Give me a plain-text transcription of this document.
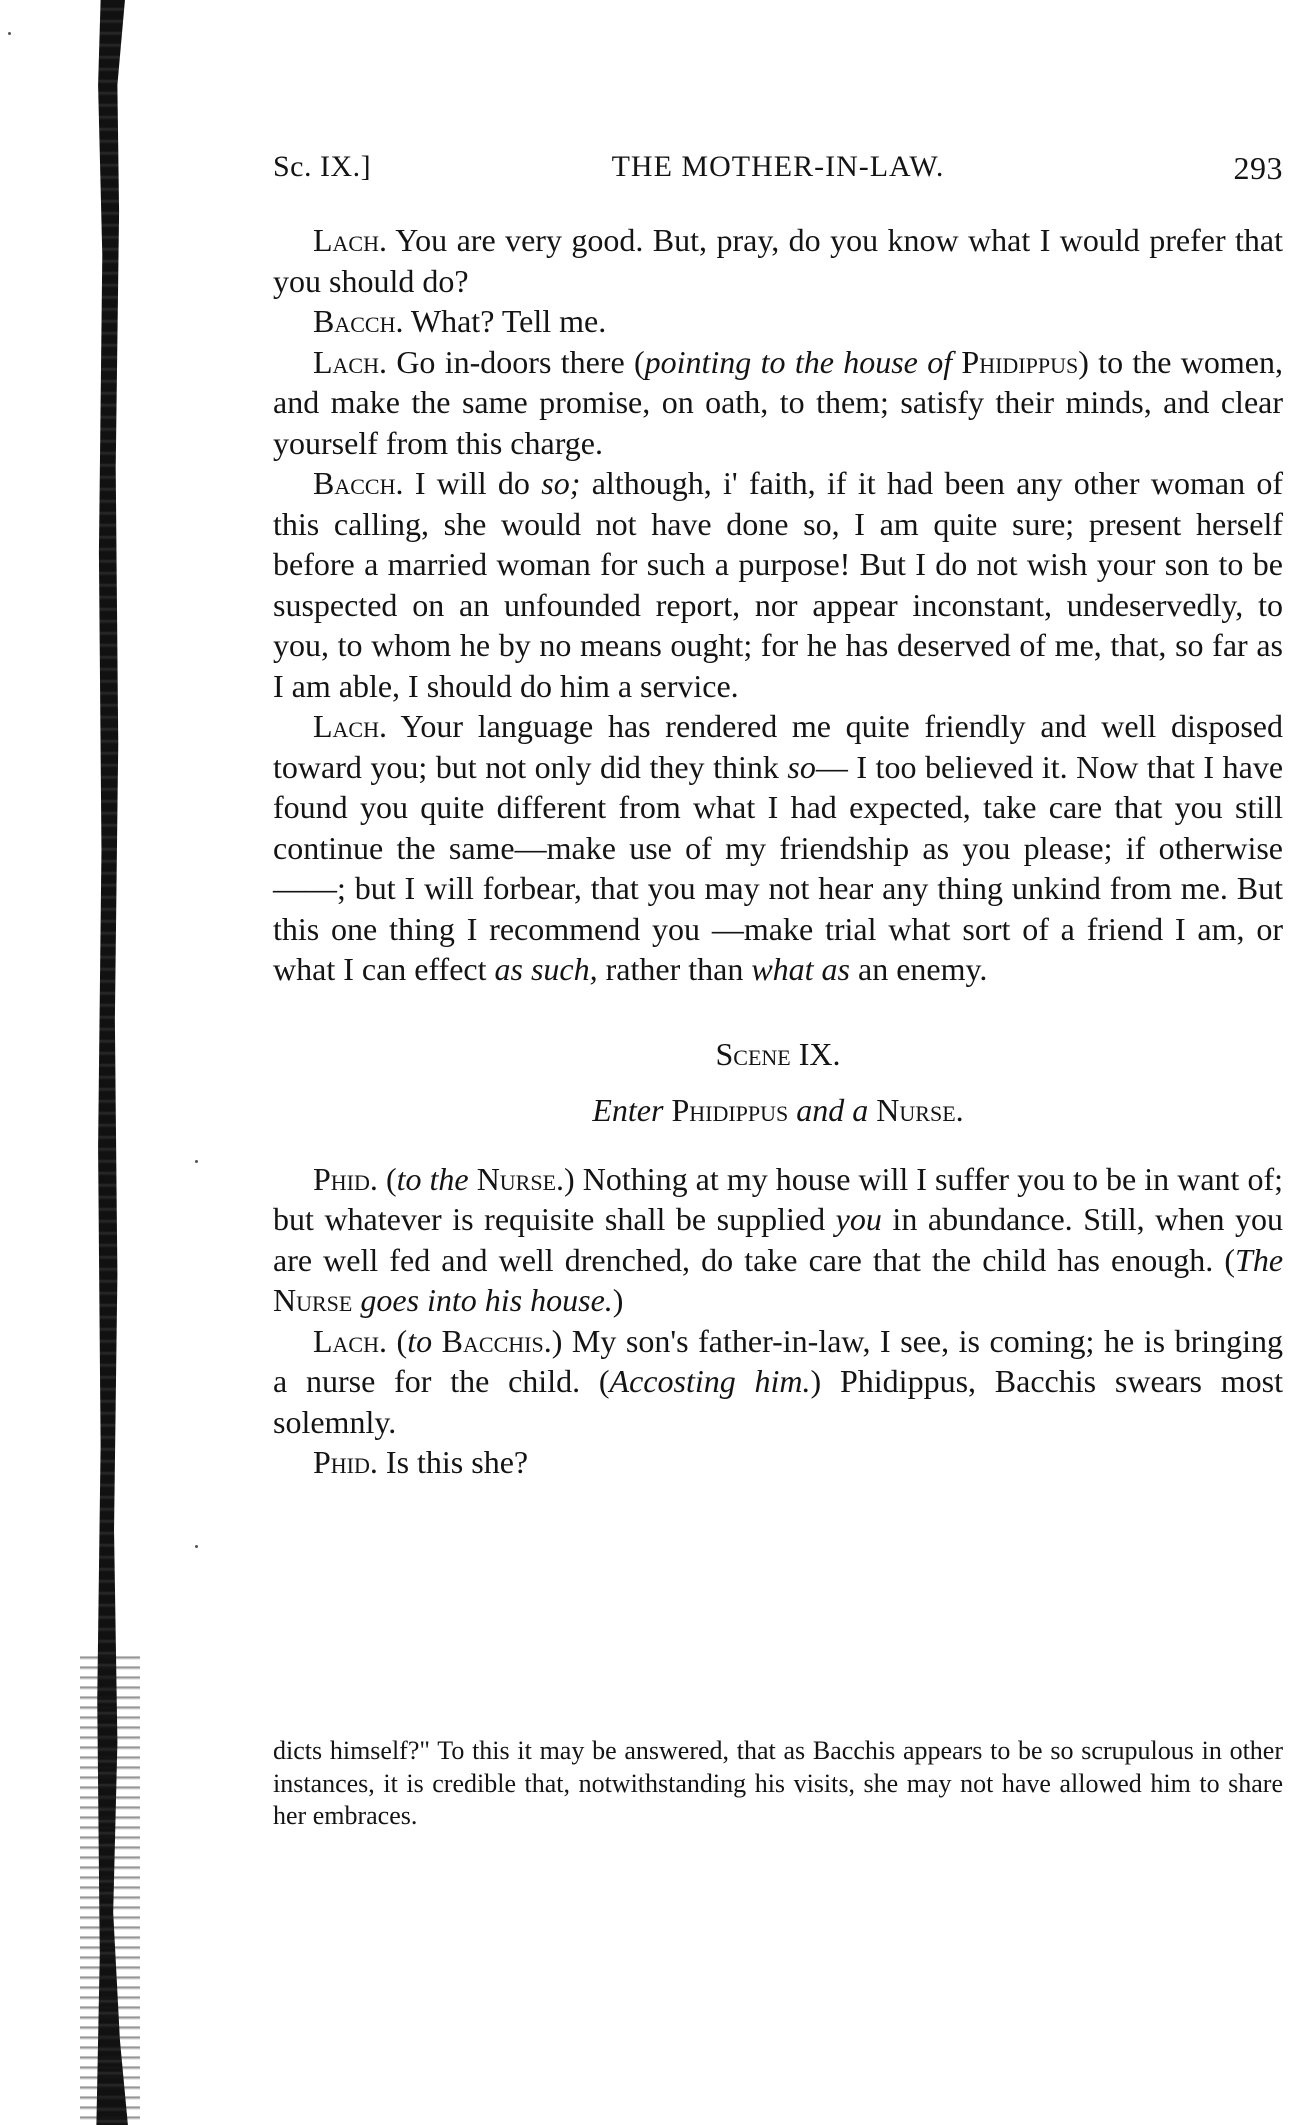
Sc. IX.]	THE MOTHER-IN-LAW.	293

Lach. You are very good. But, pray, do you know what I would prefer that you should do?

Bacch. What? Tell me.

Lach. Go in-doors there (pointing to the house of Phidippus) to the women, and make the same promise, on oath, to them; satisfy their minds, and clear yourself from this charge.

Bacch. I will do so; although, i' faith, if it had been any other woman of this calling, she would not have done so, I am quite sure; present herself before a married woman for such a purpose! But I do not wish your son to be suspected on an unfounded report, nor appear inconstant, undeservedly, to you, to whom he by no means ought; for he has deserved of me, that, so far as I am able, I should do him a service.

Lach. Your language has rendered me quite friendly and well disposed toward you; but not only did they think so— I too believed it. Now that I have found you quite different from what I had expected, take care that you still continue the same—make use of my friendship as you please; if otherwise——; but I will forbear, that you may not hear any thing unkind from me. But this one thing I recommend you —make trial what sort of a friend I am, or what I can effect as such, rather than what as an enemy.

Scene IX.

Enter Phidippus and a Nurse.

Phid. (to the Nurse.) Nothing at my house will I suffer you to be in want of; but whatever is requisite shall be supplied you in abundance. Still, when you are well fed and well drenched, do take care that the child has enough. (The Nurse goes into his house.)

Lach. (to Bacchis.) My son's father-in-law, I see, is coming; he is bringing a nurse for the child. (Accosting him.) Phidippus, Bacchis swears most solemnly.

Phid. Is this she?

dicts himself?" To this it may be answered, that as Bacchis appears to be so scrupulous in other instances, it is credible that, notwithstanding his visits, she may not have allowed him to share her embraces.
